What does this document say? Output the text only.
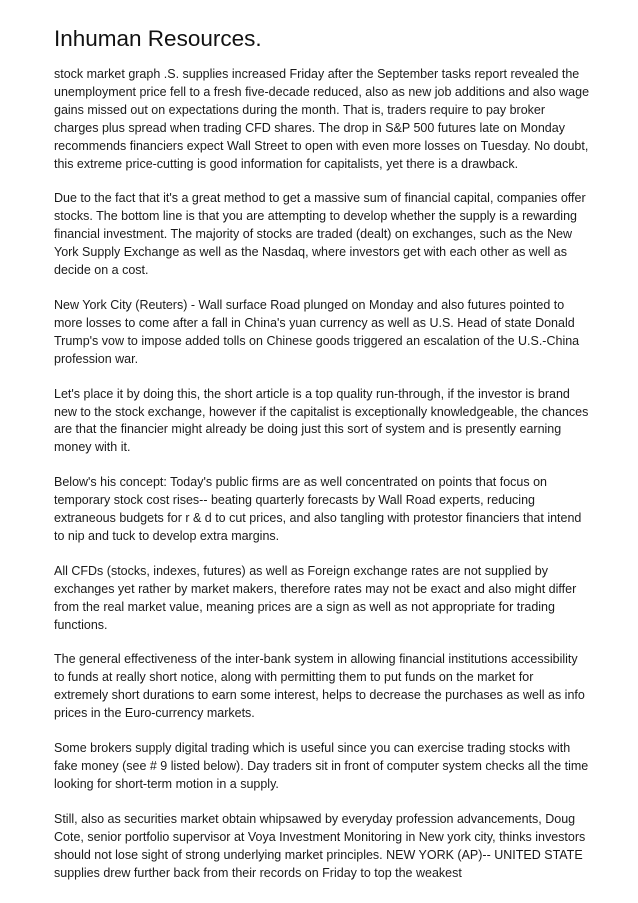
Inhuman Resources.

stock market graph .S. supplies increased Friday after the September tasks report revealed the unemployment price fell to a fresh five-decade reduced, also as new job additions and also wage gains missed out on expectations during the month. That is, traders require to pay broker charges plus spread when trading CFD shares. The drop in S&P 500 futures late on Monday recommends financiers expect Wall Street to open with even more losses on Tuesday. No doubt, this extreme price-cutting is good information for capitalists, yet there is a drawback.

Due to the fact that it's a great method to get a massive sum of financial capital, companies offer stocks. The bottom line is that you are attempting to develop whether the supply is a rewarding financial investment. The majority of stocks are traded (dealt) on exchanges, such as the New York Supply Exchange as well as the Nasdaq, where investors get with each other as well as decide on a cost.

New York City (Reuters) - Wall surface Road plunged on Monday and also futures pointed to more losses to come after a fall in China's yuan currency as well as U.S. Head of state Donald Trump's vow to impose added tolls on Chinese goods triggered an escalation of the U.S.-China profession war.

Let's place it by doing this, the short article is a top quality run-through, if the investor is brand new to the stock exchange, however if the capitalist is exceptionally knowledgeable, the chances are that the financier might already be doing just this sort of system and is presently earning money with it.

Below's his concept: Today's public firms are as well concentrated on points that focus on temporary stock cost rises-- beating quarterly forecasts by Wall Road experts, reducing extraneous budgets for r & d to cut prices, and also tangling with protestor financiers that intend to nip and tuck to develop extra margins.

All CFDs (stocks, indexes, futures) as well as Foreign exchange rates are not supplied by exchanges yet rather by market makers, therefore rates may not be exact and also might differ from the real market value, meaning prices are a sign as well as not appropriate for trading functions.

The general effectiveness of the inter-bank system in allowing financial institutions accessibility to funds at really short notice, along with permitting them to put funds on the market for extremely short durations to earn some interest, helps to decrease the purchases as well as info prices in the Euro-currency markets.

Some brokers supply digital trading which is useful since you can exercise trading stocks with fake money (see # 9 listed below). Day traders sit in front of computer system checks all the time looking for short-term motion in a supply.

Still, also as securities market obtain whipsawed by everyday profession advancements, Doug Cote, senior portfolio supervisor at Voya Investment Monitoring in New york city, thinks investors should not lose sight of strong underlying market principles. NEW YORK (AP)-- UNITED STATE supplies drew further back from their records on Friday to top the weakest
